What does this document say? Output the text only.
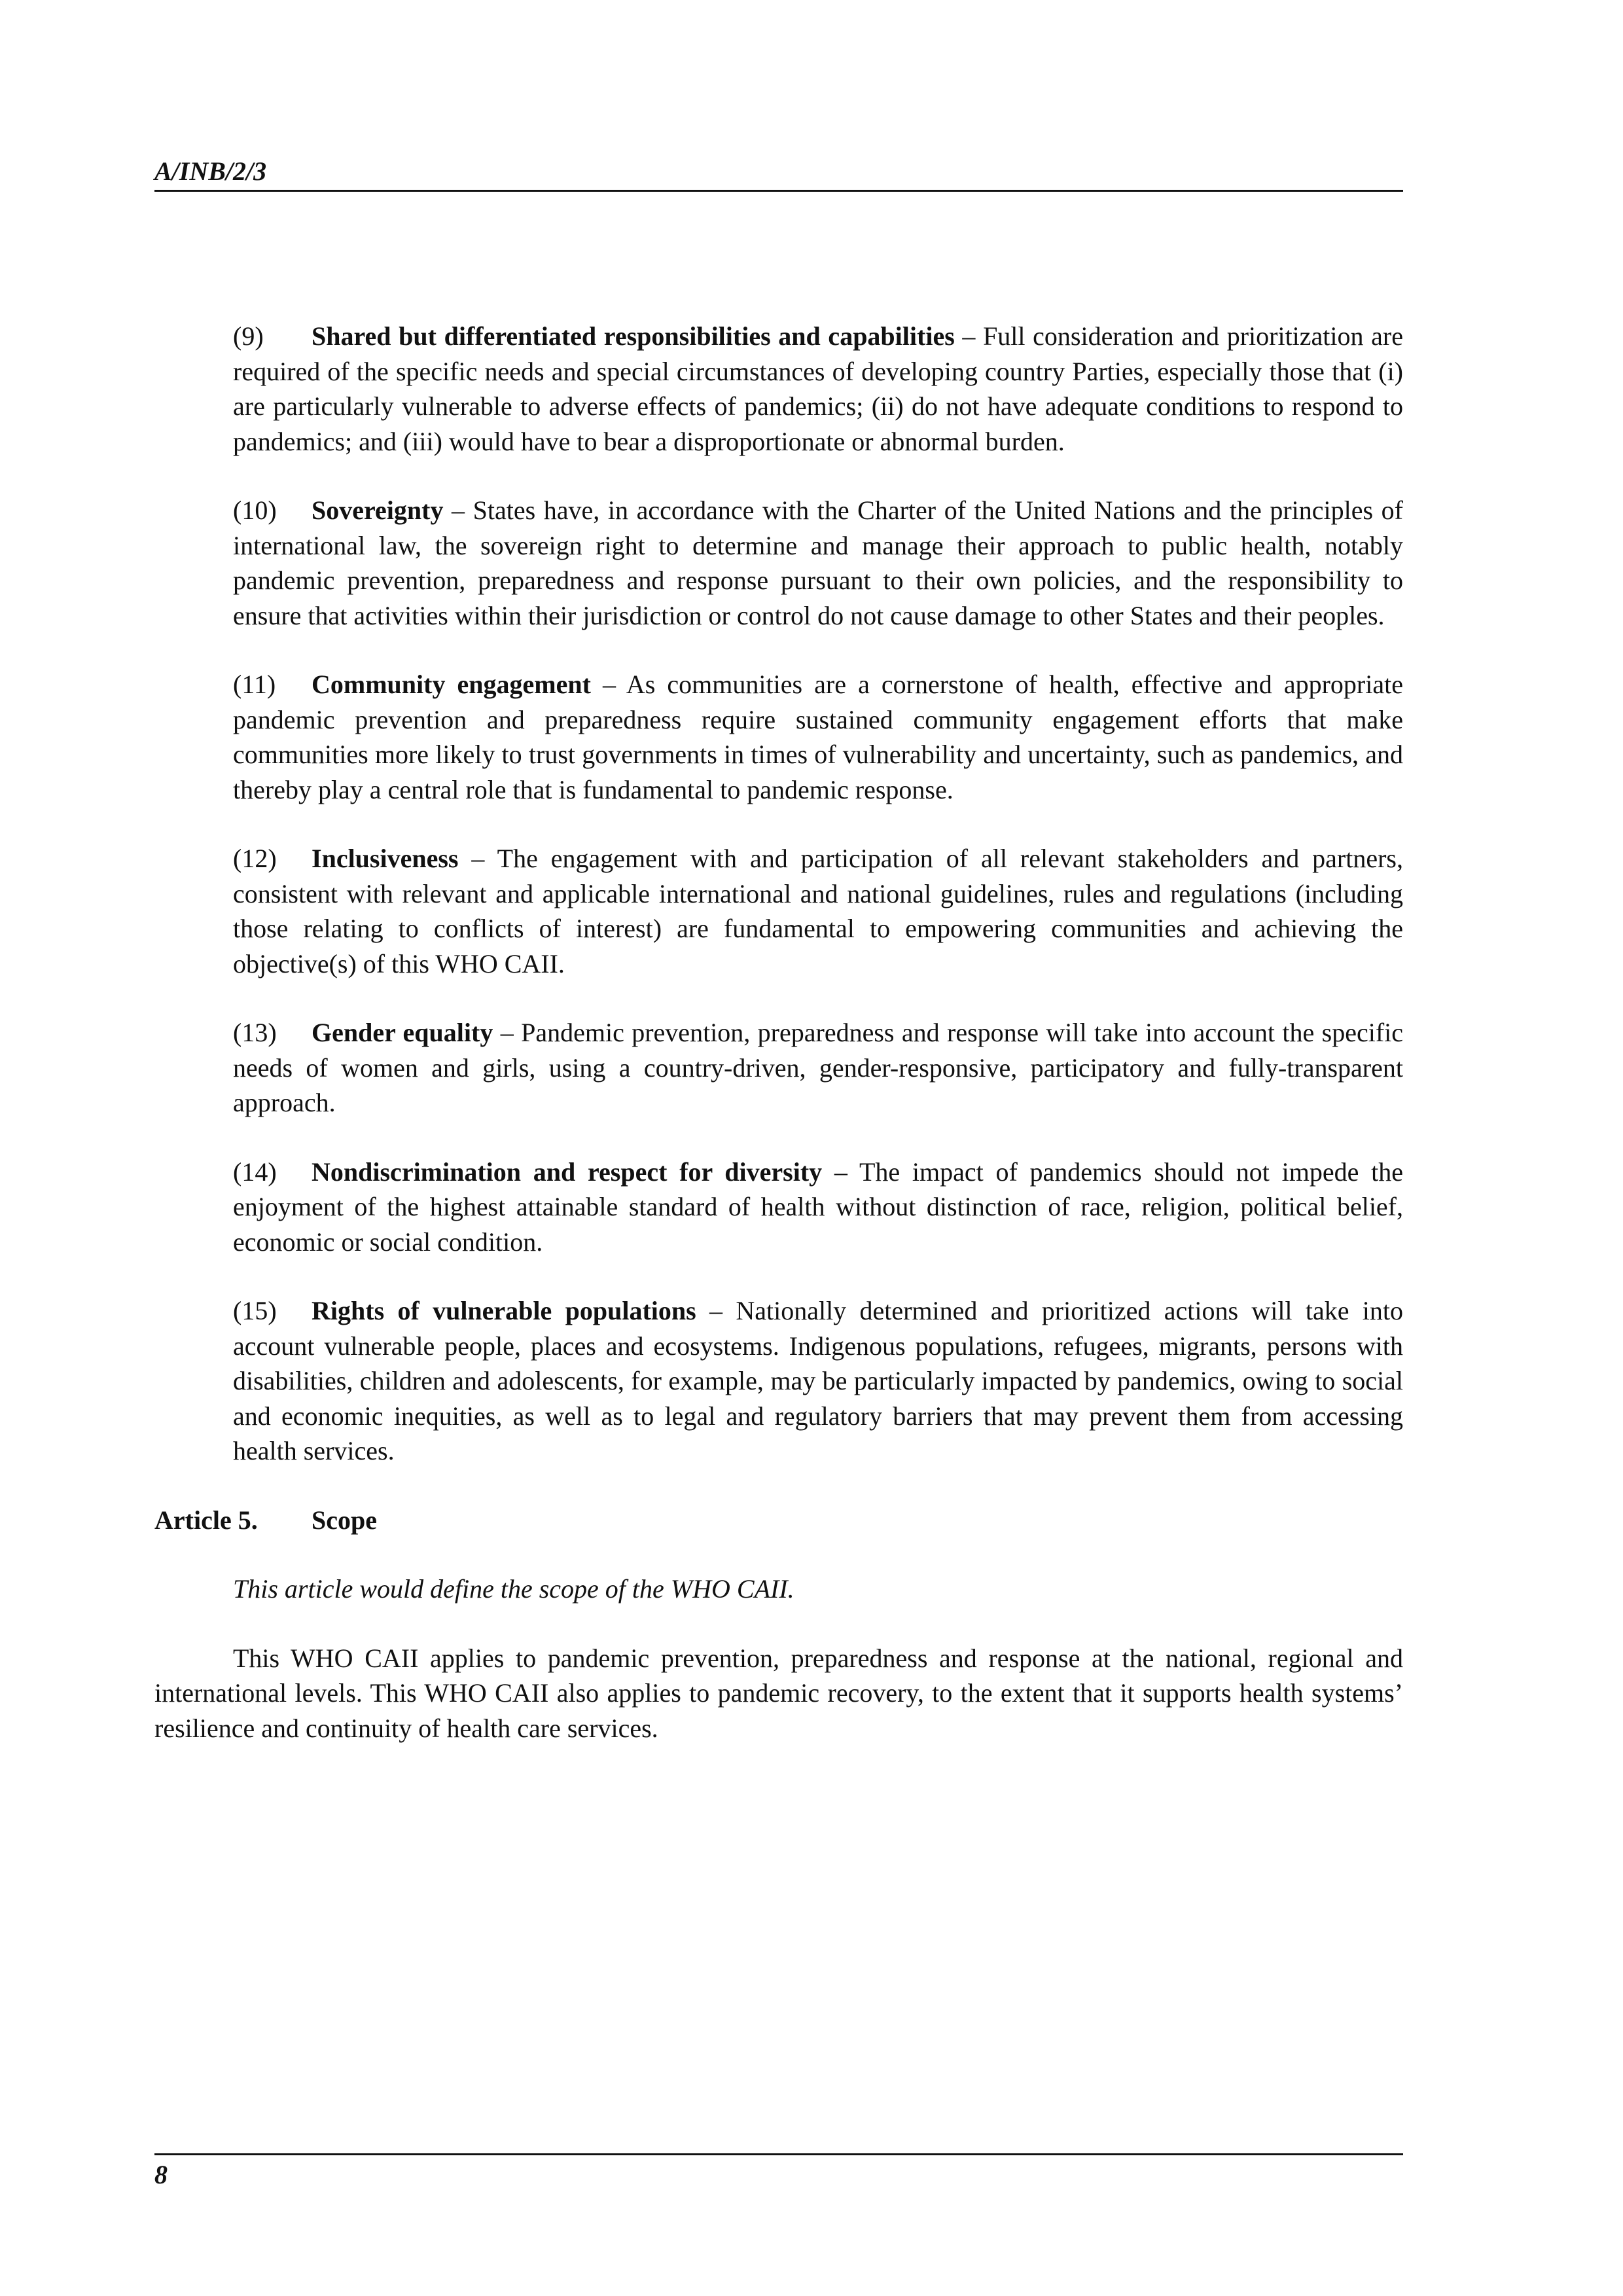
A/INB/2/3

(9) Shared but differentiated responsibilities and capabilities – Full consideration and prioritization are required of the specific needs and special circumstances of developing country Parties, especially those that (i) are particularly vulnerable to adverse effects of pandemics; (ii) do not have adequate conditions to respond to pandemics; and (iii) would have to bear a disproportionate or abnormal burden.

(10) Sovereignty – States have, in accordance with the Charter of the United Nations and the principles of international law, the sovereign right to determine and manage their approach to public health, notably pandemic prevention, preparedness and response pursuant to their own policies, and the responsibility to ensure that activities within their jurisdiction or control do not cause damage to other States and their peoples.

(11) Community engagement – As communities are a cornerstone of health, effective and appropriate pandemic prevention and preparedness require sustained community engagement efforts that make communities more likely to trust governments in times of vulnerability and uncertainty, such as pandemics, and thereby play a central role that is fundamental to pandemic response.

(12) Inclusiveness – The engagement with and participation of all relevant stakeholders and partners, consistent with relevant and applicable international and national guidelines, rules and regulations (including those relating to conflicts of interest) are fundamental to empowering communities and achieving the objective(s) of this WHO CAII.

(13) Gender equality – Pandemic prevention, preparedness and response will take into account the specific needs of women and girls, using a country-driven, gender-responsive, participatory and fully-transparent approach.

(14) Nondiscrimination and respect for diversity – The impact of pandemics should not impede the enjoyment of the highest attainable standard of health without distinction of race, religion, political belief, economic or social condition.

(15) Rights of vulnerable populations – Nationally determined and prioritized actions will take into account vulnerable people, places and ecosystems. Indigenous populations, refugees, migrants, persons with disabilities, children and adolescents, for example, may be particularly impacted by pandemics, owing to social and economic inequities, as well as to legal and regulatory barriers that may prevent them from accessing health services.

Article 5. Scope

This article would define the scope of the WHO CAII.

This WHO CAII applies to pandemic prevention, preparedness and response at the national, regional and international levels. This WHO CAII also applies to pandemic recovery, to the extent that it supports health systems’ resilience and continuity of health care services.

8
